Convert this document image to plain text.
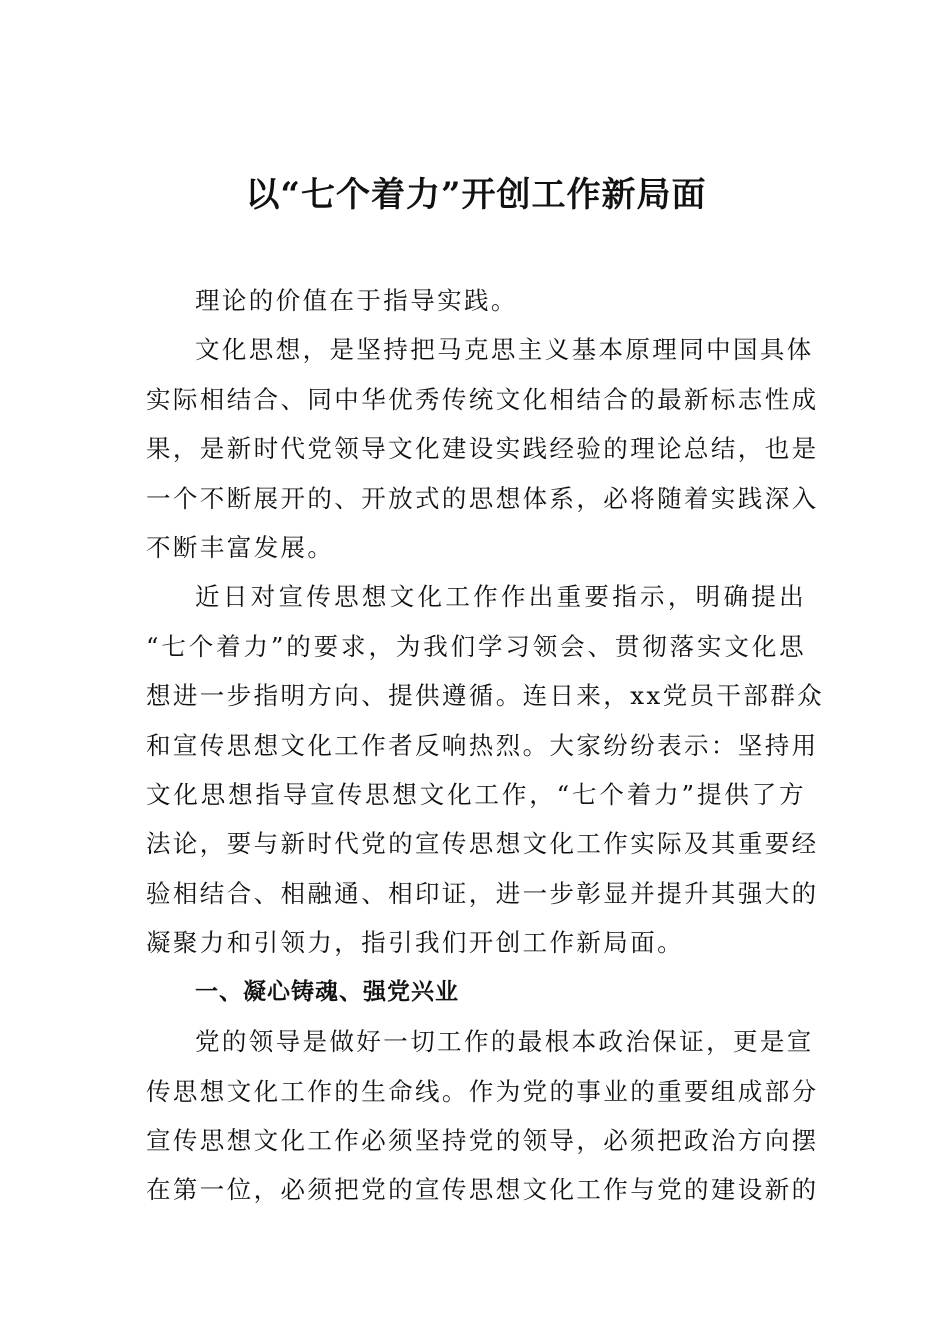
以“七个着力”开创工作新局面

理论的价值在于指导实践。

文化思想，是坚持把马克思主义基本原理同中国具体
实际相结合、同中华优秀传统文化相结合的最新标志性成
果，是新时代党领导文化建设实践经验的理论总结，也是
一个不断展开的、开放式的思想体系，必将随着实践深入
不断丰富发展。

近日对宣传思想文化工作作出重要指示，明确提出
“七个着力”的要求，为我们学习领会、贯彻落实文化思
想进一步指明方向、提供遵循。连日来，xx党员干部群众
和宣传思想文化工作者反响热烈。大家纷纷表示：坚持用
文化思想指导宣传思想文化工作，“七个着力”提供了方
法论，要与新时代党的宣传思想文化工作实际及其重要经
验相结合、相融通、相印证，进一步彰显并提升其强大的
凝聚力和引领力，指引我们开创工作新局面。

一、凝心铸魂、强党兴业

党的领导是做好一切工作的最根本政治保证，更是宣
传思想文化工作的生命线。作为党的事业的重要组成部分
宣传思想文化工作必须坚持党的领导，必须把政治方向摆
在第一位，必须把党的宣传思想文化工作与党的建设新的
